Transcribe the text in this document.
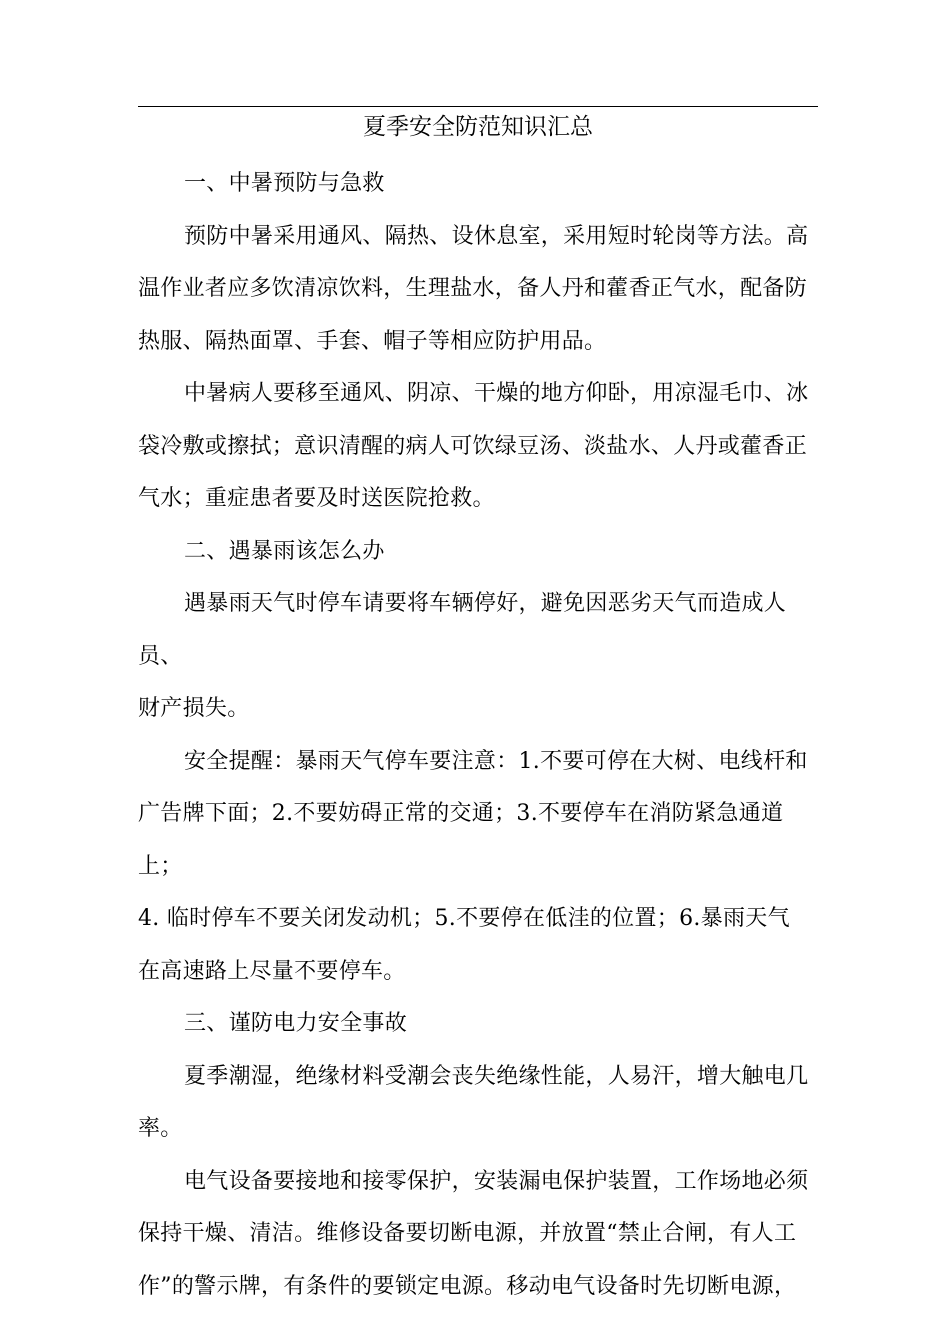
夏季安全防范知识汇总

一、中暑预防与急救

预防中暑采用通风、隔热、设休息室，采用短时轮岗等方法。高
温作业者应多饮清凉饮料，生理盐水，备人丹和藿香正气水，配备防
热服、隔热面罩、手套、帽子等相应防护用品。

中暑病人要移至通风、阴凉、干燥的地方仰卧，用凉湿毛巾、冰
袋冷敷或擦拭；意识清醒的病人可饮绿豆汤、淡盐水、人丹或藿香正
气水；重症患者要及时送医院抢救。

二、遇暴雨该怎么办

遇暴雨天气时停车请要将车辆停好，避免因恶劣天气而造成人员、
财产损失。

安全提醒：暴雨天气停车要注意：1.不要可停在大树、电线杆和
广告牌下面；2.不要妨碍正常的交通；3.不要停车在消防紧急通道上；
4. 临时停车不要关闭发动机；5.不要停在低洼的位置；6.暴雨天气
在高速路上尽量不要停车。

三、谨防电力安全事故

夏季潮湿，绝缘材料受潮会丧失绝缘性能，人易汗，增大触电几
率。

电气设备要接地和接零保护，安装漏电保护装置，工作场地必须
保持干燥、清洁。维修设备要切断电源，并放置“禁止合闸，有人工
作”的警示牌，有条件的要锁定电源。移动电气设备时先切断电源，
